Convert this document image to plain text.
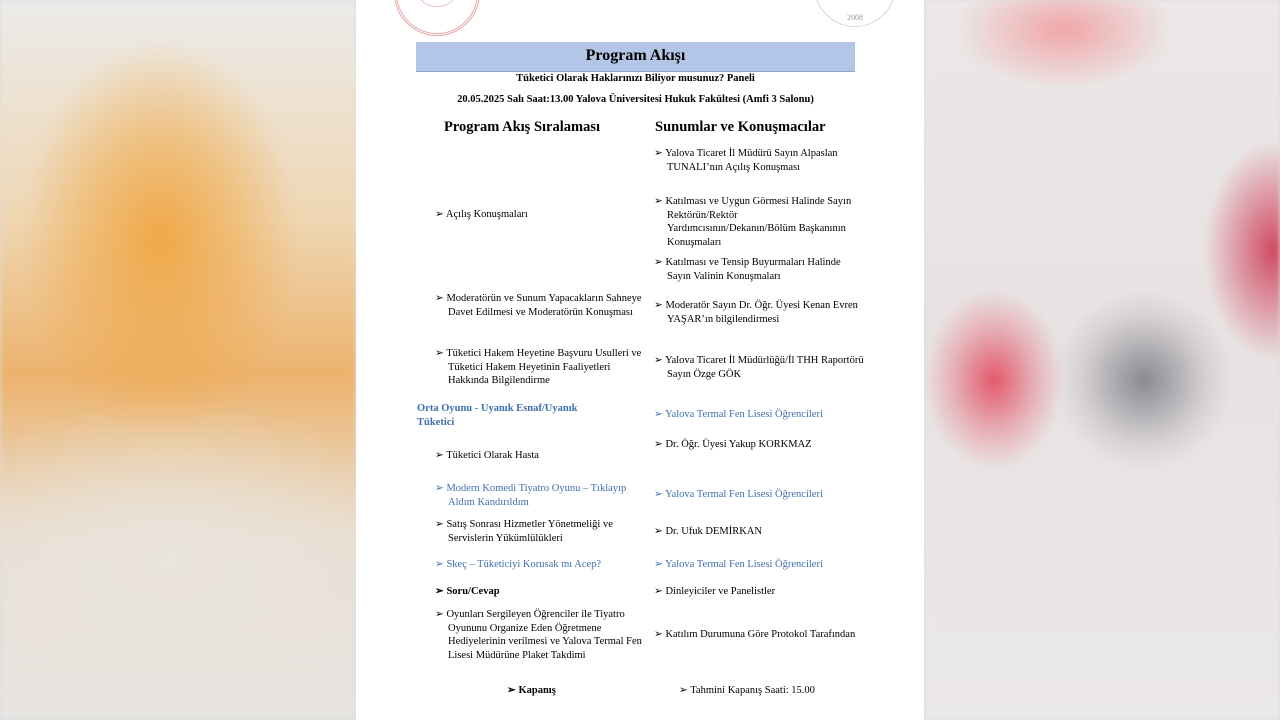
2008
Program Akışı
Tüketici Olarak Haklarınızı Biliyor musunuz? Paneli
20.05.2025 Salı Saat:13.00 Yalova Üniversitesi Hukuk Fakültesi (Amfi 3 Salonu)
Program Akış Sıralaması	Sunumlar ve Konuşmacılar
➢ Açılış Konuşmaları
➢ Moderatörün ve Sunum Yapacakların Sahneye Davet Edilmesi ve Moderatörün Konuşması
➢ Tüketici Hakem Heyetine Başvuru Usulleri ve Tüketici Hakem Heyetinin Faaliyetleri Hakkında Bilgilendirme
Orta Oyunu - Uyanık Esnaf/Uyanık Tüketici
➢ Tüketici Olarak Hasta
➢ Modern Komedi Tiyatro Oyunu – Tıklayıp Aldım Kandırıldım
➢ Satış Sonrası Hizmetler Yönetmeliği ve Servislerin Yükümlülükleri
➢ Skeç – Tüketiciyi Korusak mı Acep?
➢ Soru/Cevap
➢ Oyunları Sergileyen Öğrenciler ile Tiyatro Oyununu Organize Eden Öğretmene Hediyelerinin verilmesi ve Yalova Termal Fen Lisesi Müdürüne Plaket Takdimi
➢ Kapanış
➢ Yalova Ticaret İl Müdürü Sayın Alpaslan TUNALI’nın Açılış Konuşması
➢ Katılması ve Uygun Görmesi Halinde Sayın Rektörün/Rektör Yardımcısının/Dekanın/Bölüm Başkanının Konuşmaları
➢ Katılması ve Tensip Buyurmaları Halinde Sayın Valinin Konuşmaları
➢ Moderatör Sayın Dr. Öğr. Üyesi Kenan Evren YAŞAR’ın bilgilendirmesi
➢ Yalova Ticaret İl Müdürlüğü/İl THH Raportörü Sayın Özge GÖK
➢ Yalova Termal Fen Lisesi Öğrencileri
➢ Dr. Öğr. Üyesi Yakup KORKMAZ
➢ Yalova Termal Fen Lisesi Öğrencileri
➢ Dr. Ufuk DEMİRKAN
➢ Yalova Termal Fen Lisesi Öğrencileri
➢ Dinleyiciler ve Panelistler
➢ Katılım Durumuna Göre Protokol Tarafından
➢ Tahmini Kapanış Saati: 15.00
